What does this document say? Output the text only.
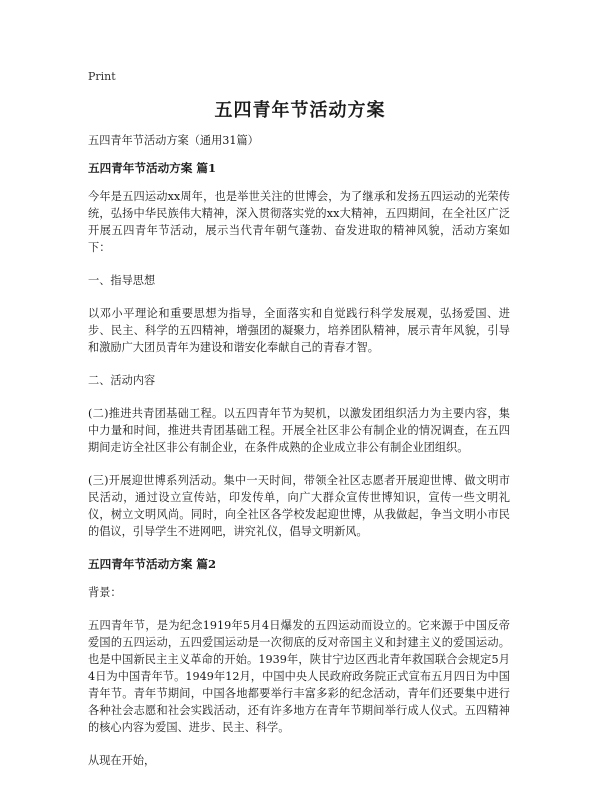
Print
五四青年节活动方案

五四青年节活动方案（通用31篇）

五四青年节活动方案 篇1

今年是五四运动xx周年，也是举世关注的世博会，为了继承和发扬五四运动的光荣传统，弘扬中华民族伟大精神，深入贯彻落实党的xx大精神，五四期间，在全社区广泛开展五四青年节活动，展示当代青年朝气蓬勃、奋发进取的精神风貌，活动方案如下：

一、指导思想

以邓小平理论和重要思想为指导，全面落实和自觉践行科学发展观，弘扬爱国、进步、民主、科学的五四精神，增强团的凝聚力，培养团队精神，展示青年风貌，引导和激励广大团员青年为建设和谐安化奉献自己的青春才智。

二、活动内容

(二)推进共青团基础工程。以五四青年节为契机，以激发团组织活力为主要内容，集中力量和时间，推进共青团基础工程。开展全社区非公有制企业的情况调查，在五四期间走访全社区非公有制企业，在条件成熟的企业成立非公有制企业团组织。

(三)开展迎世博系列活动。集中一天时间，带领全社区志愿者开展迎世博、做文明市民活动，通过设立宣传站，印发传单，向广大群众宣传世博知识，宣传一些文明礼仪，树立文明风尚。同时，向全社区各学校发起迎世博，从我做起，争当文明小市民的倡议，引导学生不进网吧，讲究礼仪，倡导文明新风。

五四青年节活动方案 篇2

背景：

五四青年节，是为纪念1919年5月4日爆发的五四运动而设立的。它来源于中国反帝爱国的五四运动，五四爱国运动是一次彻底的反对帝国主义和封建主义的爱国运动。也是中国新民主主义革命的开始。1939年，陕甘宁边区西北青年救国联合会规定5月4日为中国青年节。1949年12月，中国中央人民政府政务院正式宣布五月四日为中国青年节。青年节期间，中国各地都要举行丰富多彩的纪念活动，青年们还要集中进行各种社会志愿和社会实践活动，还有许多地方在青年节期间举行成人仪式。五四精神的核心内容为爱国、进步、民主、科学。

从现在开始，
